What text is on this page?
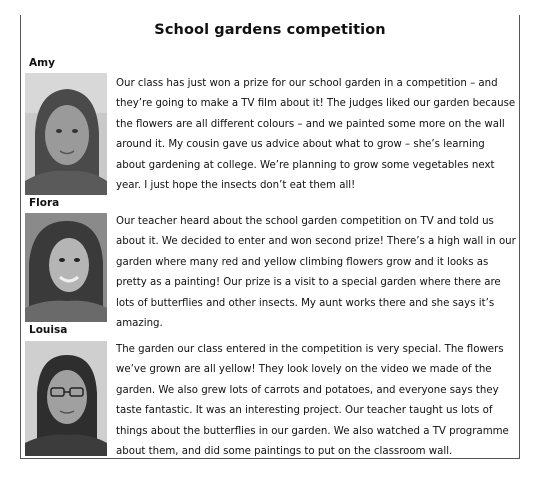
School gardens competition
Amy

Our class has just won a prize for our school garden in a competition – and they’re going to make a TV film about it! The judges liked our garden because the flowers are all different colours – and we painted some more on the wall around it. My cousin gave us advice about what to grow – she’s learning about gardening at college. We’re planning to grow some vegetables next year. I just hope the insects don’t eat them all!

Flora

Our teacher heard about the school garden competition on TV and told us about it. We decided to enter and won second prize! There’s a high wall in our garden where many red and yellow climbing flowers grow and it looks as pretty as a painting! Our prize is a visit to a special garden where there are lots of butterflies and other insects. My aunt works there and she says it’s amazing.

Louisa

The garden our class entered in the competition is very special. The flowers we’ve grown are all yellow! They look lovely on the video we made of the garden. We also grew lots of carrots and potatoes, and everyone says they taste fantastic. It was an interesting project. Our teacher taught us lots of things about the butterflies in our garden. We also watched a TV programme about them, and did some paintings to put on the classroom wall.
